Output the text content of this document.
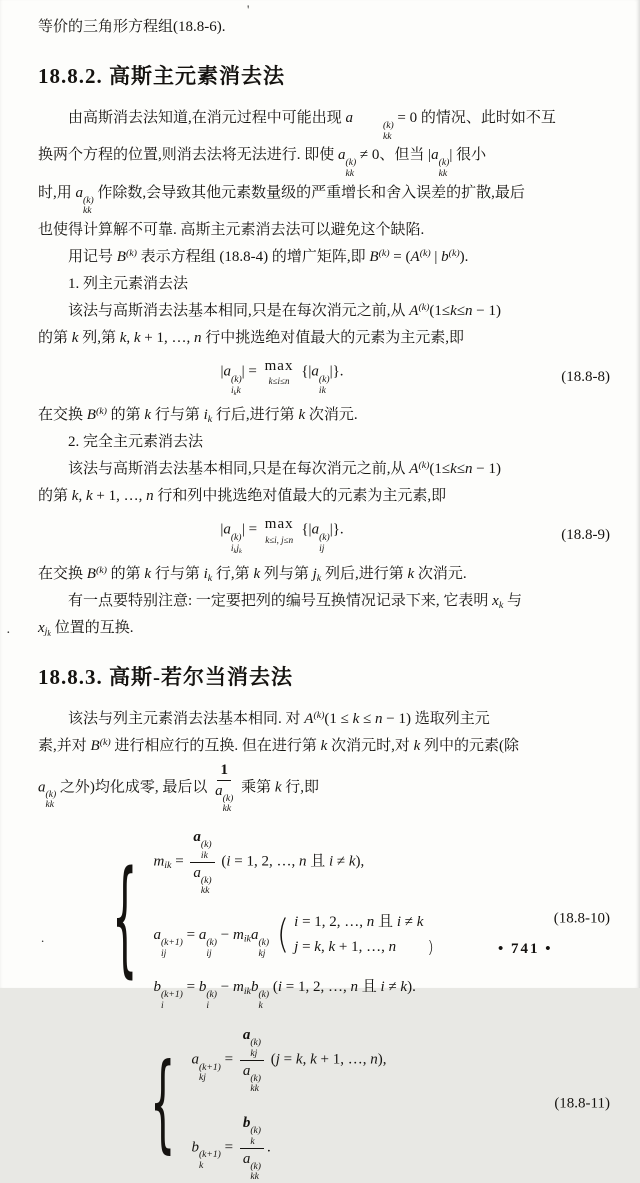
'
·
.

等价的三角形方程组(18.8-6).

18.8.2. 高斯主元素消去法

由高斯消去法知道,在消元过程中可能出现 a	(k)
kk
= 0 的情况、此时如不互

换两个方程的位置,则消去法将无法进行. 即使 a (k)
kk
≠ 0、但当 |a (k)
kk
| 很小

时,用 a (k)
kk
作除数,会导致其他元素数量级的严重增长和舍入误差的扩散,最后

也使得计算解不可靠. 高斯主元素消去法可以避免这个缺陷.

用记号 $B^{(k)}$ 表示方程组 (18.8-4) 的增广矩阵,即 $B^{(k)} = (A^{(k)}$ | $b^{(k)}$).

1. 列主元素消去法

该法与高斯消去法基本相同,只是在每次消元之前,从 $A^{(k)}(1\le k\le n - 1)$

的第 k 列,第 k, k + 1, …, n 行中挑选绝对值最大的元素为主元素,即

|a (k)
$i_kk$
| = max
k≤i≤n
{|a (k)
ik
|}.	(18.8-8)

在交换 $B^{(k)}$ 的第 k 行与第 $i_k$ 行后,进行第 k 次消元.

2. 完全主元素消去法

该法与高斯消去法基本相同,只是在每次消元之前,从 $A^{(k)}(1\le k\le n - 1)$

的第 k, k + 1, …, n 行和列中挑选绝对值最大的元素为主元素,即

|a (k)
$i_kj_k$
| = max
k≤i, j≤n
{|a (k)
ij
|}.	(18.8-9)

在交换 $B^{(k)}$ 的第 k 行与第 $i_k$ 行,第 k 列与第 $j_k$ 列后,进行第 k 次消元.

有一点要特别注意: 一定要把列的编号互换情况记录下来, 它表明 $x_k$ 与

$x_{j_k}$ 位置的互换.

18.8.3. 高斯-若尔当消去法

该法与列主元素消去法基本相同. 对 $A^{(k)}(1 \le k \le n - 1)$ 选取列主元

素,并对 $B^{(k)}$ 进行相应行的互换. 但在进行第 k 次消元时,对 k 列中的元素(除

a (k)
kk
之外)均化成零, 最后以 1
a (k)
kk 乘第 k 行,即

{ $m_{ik} = a$ (k)
ik
a (k)
kk (i = 1, 2, …, n 且 i ≠ k),
a (k+1)
ij
= a (k)
ij
− $m_{ik}a$ (k)
kj
( i = 1, 2, …, n 且 i ≠ k
j = k, k + 1, …, n )
b (k+1)
i
= b (k)
i
− $m_{ik}b$ (k)
k
(i = 1, 2, …, n 且 i ≠ k).
(18.8-10)
{ a (k+1)
kj
= a (k)
kj
a (k)
kk (j = k, k + 1, …, n),
b (k+1)
k
= b (k)
k
a (k)
kk .
(18.8-11)
• 741 •
